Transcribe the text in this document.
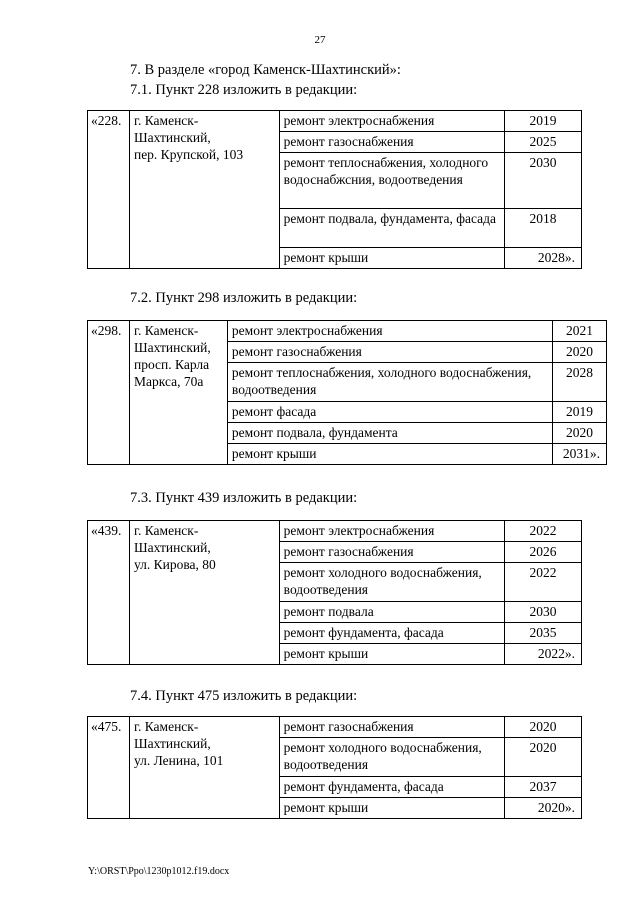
27
7. В разделе «город Каменск-Шахтинский»:
7.1. Пункт 228 изложить в редакции:
«228.	г. Каменск-
Шахтинский,
пер. Крупской, 103	ремонт электроснабжения	2019
		ремонт газоснабжения	2025
		ремонт теплоснабжения, холодного водоснабжсния, водоотведения	2030
		ремонт подвала, фундамента, фасада	2018
		ремонт крыши	2028».
7.2. Пункт 298 изложить в редакции:
«298.	г. Каменск-
Шахтинский,
просп. Карла
Маркса, 70а	ремонт электроснабжения	2021
		ремонт газоснабжения	2020
		ремонт теплоснабжения, холодного водоснабжения, водоотведения	2028
		ремонт фасада	2019
		ремонт подвала, фундамента	2020
		ремонт крыши	2031».
7.3. Пункт 439 изложить в редакции:
«439.	г. Каменск-
Шахтинский,
ул. Кирова, 80	ремонт электроснабжения	2022
		ремонт газоснабжения	2026
		ремонт холодного водоснабжения, водоотведения	2022
		ремонт подвала	2030
		ремонт фундамента, фасада	2035
		ремонт крыши	2022».
7.4. Пункт 475 изложить в редакции:
«475.	г. Каменск-
Шахтинский,
ул. Ленина, 101	ремонт газоснабжения	2020
		ремонт холодного водоснабжения, водоотведения	2020
		ремонт фундамента, фасада	2037
		ремонт крыши	2020».
Y:\ORST\Ppo\1230p1012.f19.docx
